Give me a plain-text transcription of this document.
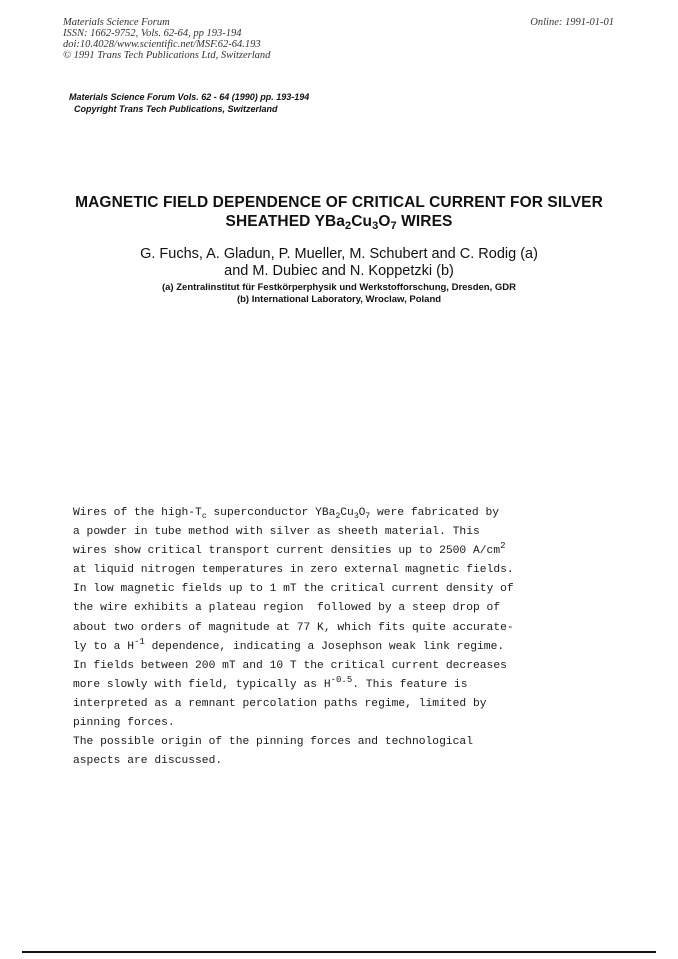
Materials Science Forum
ISSN: 1662-9752, Vols. 62-64, pp 193-194
doi:10.4028/www.scientific.net/MSF.62-64.193
© 1991 Trans Tech Publications Ltd, Switzerland
Online: 1991-01-01
Materials Science Forum Vols. 62 - 64 (1990) pp. 193-194
Copyright Trans Tech Publications, Switzerland
MAGNETIC FIELD DEPENDENCE OF CRITICAL CURRENT FOR SILVER
SHEATHED $YBa_2Cu_3O_7$ WIRES
G. Fuchs, A. Gladun, P. Mueller, M. Schubert and C. Rodig (a)
and M. Dubiec and N. Koppetzki (b)
(a) Zentralinstitut für Festkörperphysik und Werkstofforschung, Dresden, GDR
(b) International Laboratory, Wroclaw, Poland
Wires of the high-$T_c$ superconductor $YBa_2Cu_3O_7$ were fabricated by
a powder in tube method with silver as sheeth material. This
wires show critical transport current densities up to 2500 $A/cm^2$
at liquid nitrogen temperatures in zero external magnetic fields.
In low magnetic fields up to 1 mT the critical current density of
the wire exhibits a plateau region  followed by a steep drop of
about two orders of magnitude at 77 K, which fits quite accurate-
ly to a $H^{-1}$ dependence, indicating a Josephson weak link regime.
In fields between 200 mT and 10 T the critical current decreases
more slowly with field, typically as $H^{-0.5}$. This feature is
interpreted as a remnant percolation paths regime, limited by
pinning forces.
The possible origin of the pinning forces and technological
aspects are discussed.
